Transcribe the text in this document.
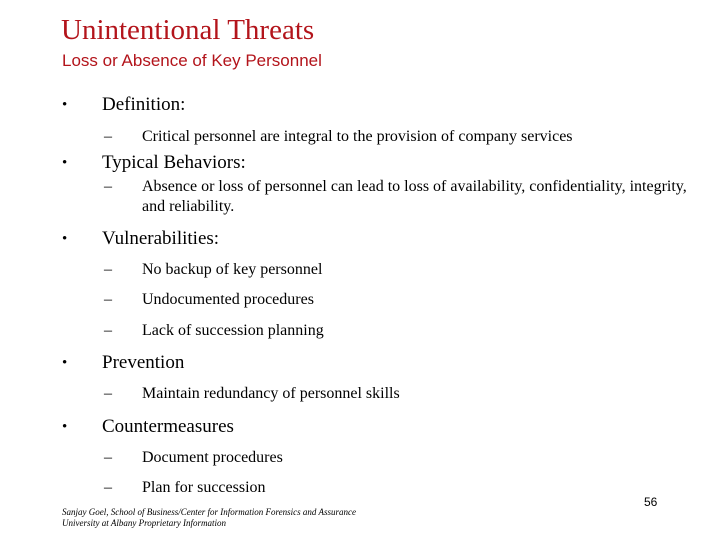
Unintentional Threats
Loss or Absence of Key Personnel
• Definition:
– Critical personnel are integral to the provision of company services
• Typical Behaviors:
– Absence or loss of personnel can lead to loss of availability, confidentiality, integrity, and reliability.
• Vulnerabilities:
– No backup of key personnel
– Undocumented procedures
– Lack of succession planning
• Prevention
– Maintain redundancy of personnel skills
• Countermeasures
– Document procedures
– Plan for succession
Sanjay Goel, School of Business/Center for Information Forensics and Assurance
University at Albany Proprietary Information
56
